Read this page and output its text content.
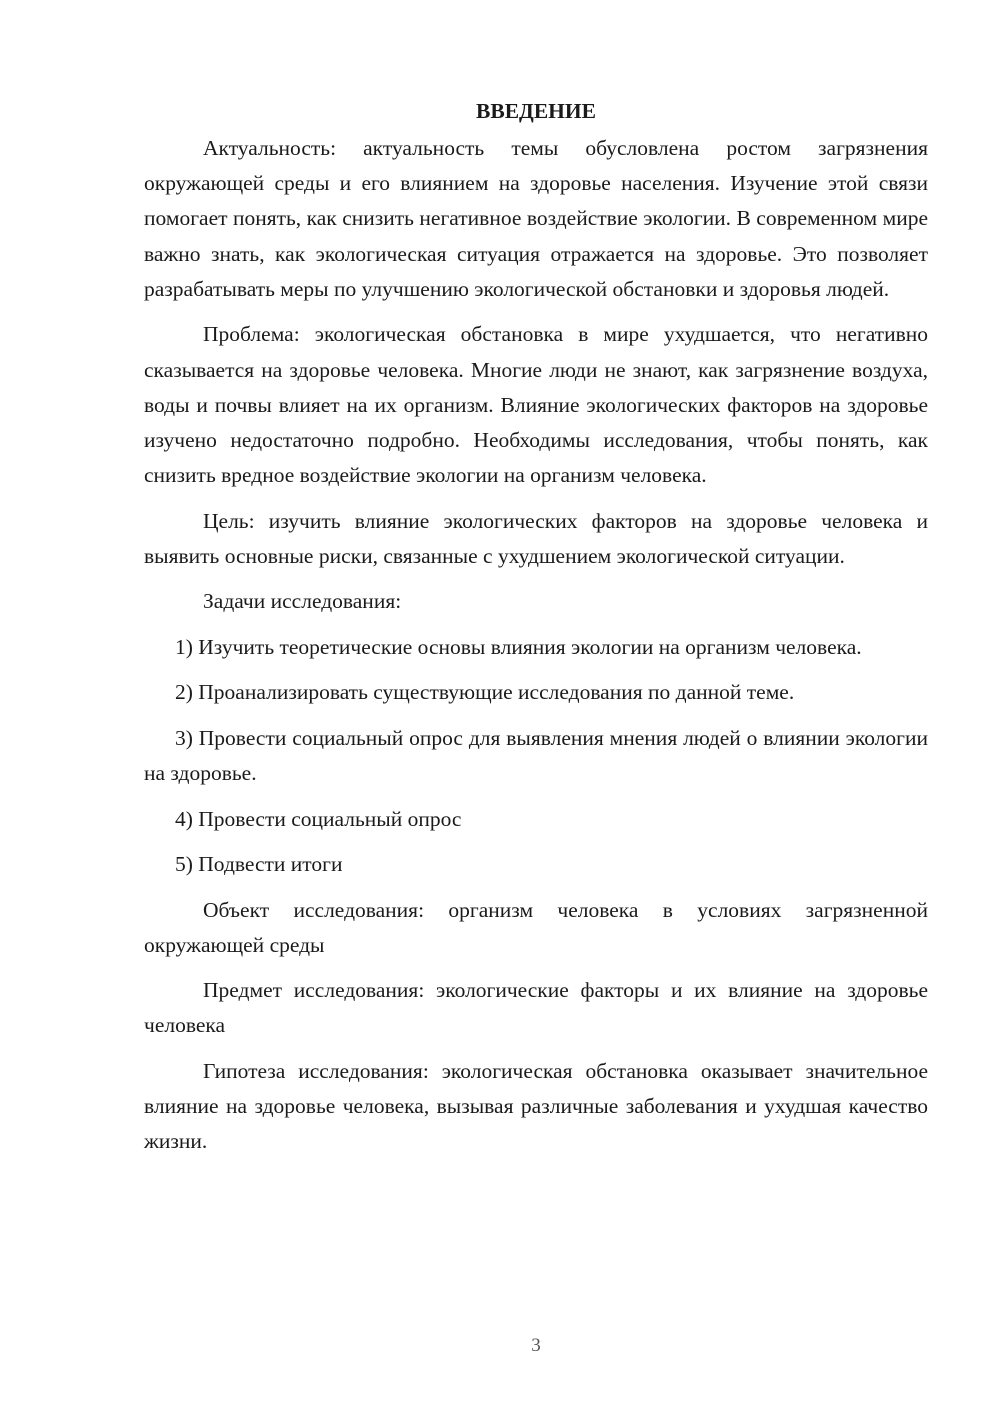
ВВЕДЕНИЕ

Актуальность: актуальность темы обусловлена ростом загрязнения окружающей среды и его влиянием на здоровье населения. Изучение этой связи помогает понять, как снизить негативное воздействие экологии. В современном мире важно знать, как экологическая ситуация отражается на здоровье. Это позволяет разрабатывать меры по улучшению экологической обстановки и здоровья людей.

Проблема: экологическая обстановка в мире ухудшается, что негативно сказывается на здоровье человека. Многие люди не знают, как загрязнение воздуха, воды и почвы влияет на их организм. Влияние экологических факторов на здоровье изучено недостаточно подробно. Необходимы исследования, чтобы понять, как снизить вредное воздействие экологии на организм человека.

Цель: изучить влияние экологических факторов на здоровье человека и выявить основные риски, связанные с ухудшением экологической ситуации.

Задачи исследования:

1) Изучить теоретические основы влияния экологии на организм человека.

2) Проанализировать существующие исследования по данной теме.

3) Провести социальный опрос для выявления мнения людей о влиянии экологии на здоровье.

4) Провести социальный опрос

5) Подвести итоги

Объект исследования: организм человека в условиях загрязненной окружающей среды

Предмет исследования: экологические факторы и их влияние на здоровье человека

Гипотеза исследования: экологическая обстановка оказывает значительное влияние на здоровье человека, вызывая различные заболевания и ухудшая качество жизни.

3
